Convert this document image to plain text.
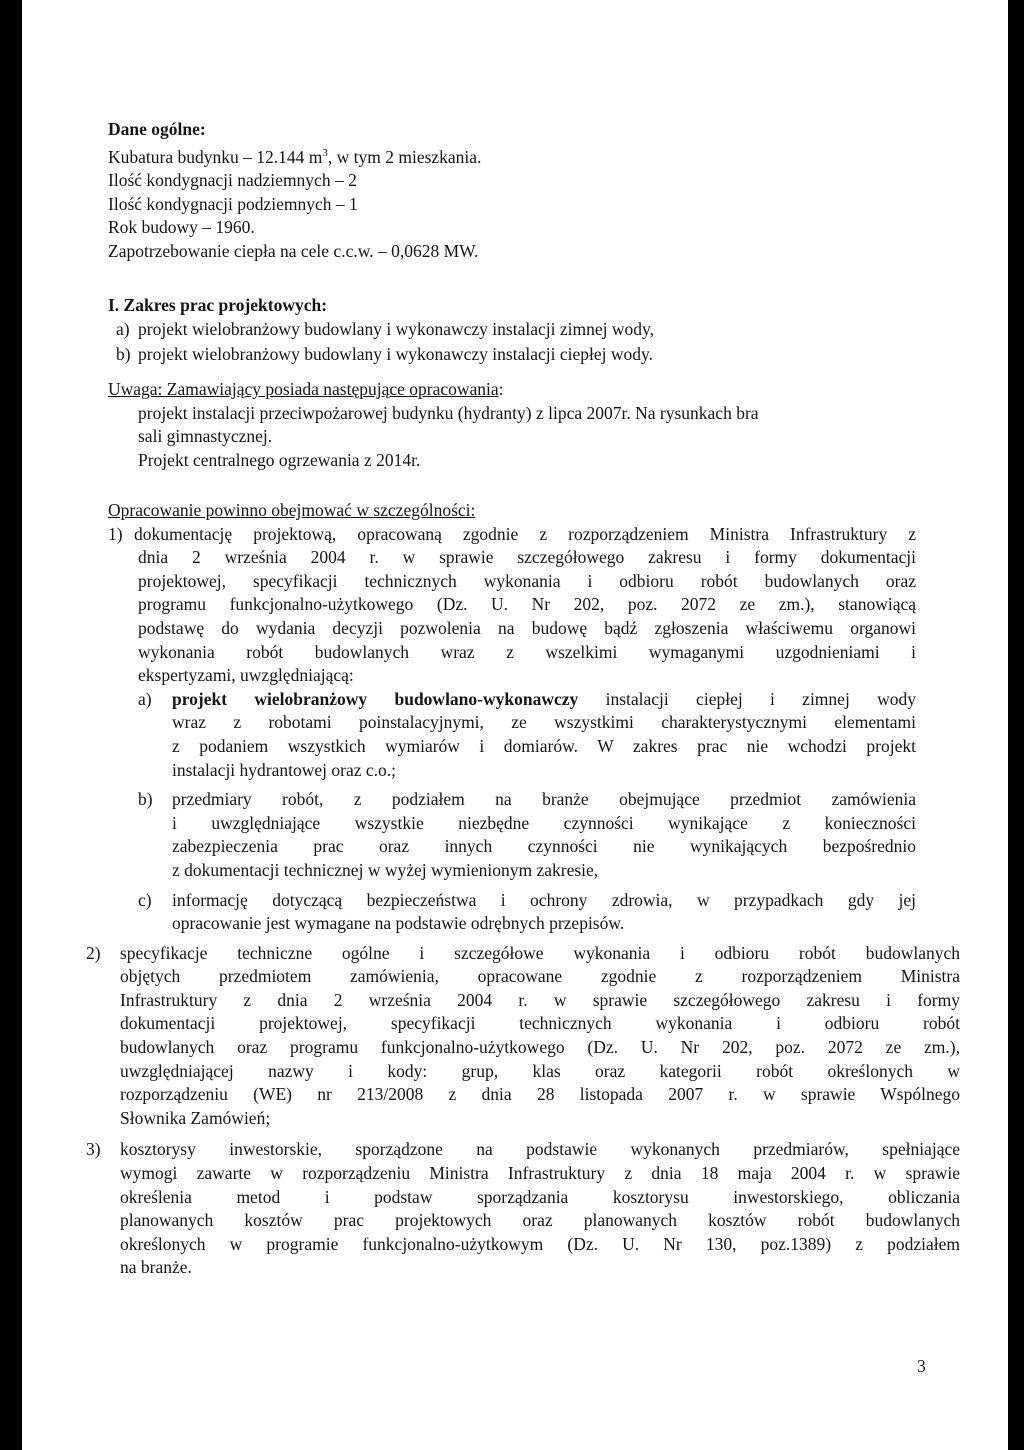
Dane ogólne:
Kubatura budynku – 12.144 $m^3$, w tym 2 mieszkania.
Ilość kondygnacji nadziemnych – 2
Ilość kondygnacji podziemnych – 1
Rok budowy – 1960.
Zapotrzebowanie ciepła na cele c.c.w. – 0,0628 MW.
I. Zakres prac projektowych:
a) projekt wielobranżowy budowlany i wykonawczy instalacji zimnej wody,
b) projekt wielobranżowy budowlany i wykonawczy instalacji ciepłej wody.
Uwaga: Zamawiający posiada następujące opracowania:
projekt instalacji przeciwpożarowej budynku (hydranty) z lipca 2007r. Na rysunkach bra
sali gimnastycznej.
Projekt centralnego ogrzewania z 2014r.
Opracowanie powinno obejmować w szczególności:
1) dokumentację projektową, opracowaną zgodnie z rozporządzeniem Ministra Infrastruktury z
dnia 2 września 2004 r. w sprawie szczegółowego zakresu i formy dokumentacji
projektowej, specyfikacji technicznych wykonania i odbioru robót budowlanych oraz
programu funkcjonalno-użytkowego (Dz. U. Nr 202, poz. 2072 ze zm.), stanowiącą
podstawę do wydania decyzji pozwolenia na budowę bądź zgłoszenia właściwemu organowi
wykonania robót budowlanych wraz z wszelkimi wymaganymi uzgodnieniami i
ekspertyzami, uwzględniającą:
a) projekt wielobranżowy budowlano-wykonawczy instalacji ciepłej i zimnej wody
wraz z robotami poinstalacyjnymi, ze wszystkimi charakterystycznymi elementami
z podaniem wszystkich wymiarów i domiarów. W zakres prac nie wchodzi projekt
instalacji hydrantowej oraz c.o.;
b) przedmiary robót, z podziałem na branże obejmujące przedmiot zamówienia
i uwzględniające wszystkie niezbędne czynności wynikające z konieczności
zabezpieczenia prac oraz innych czynności nie wynikających bezpośrednio
z dokumentacji technicznej w wyżej wymienionym zakresie,
c) informację dotyczącą bezpieczeństwa i ochrony zdrowia, w przypadkach gdy jej
opracowanie jest wymagane na podstawie odrębnych przepisów.
2) specyfikacje techniczne ogólne i szczegółowe wykonania i odbioru robót budowlanych
objętych przedmiotem zamówienia, opracowane zgodnie z rozporządzeniem Ministra
Infrastruktury z dnia 2 września 2004 r. w sprawie szczegółowego zakresu i formy
dokumentacji projektowej, specyfikacji technicznych wykonania i odbioru robót
budowlanych oraz programu funkcjonalno-użytkowego (Dz. U. Nr 202, poz. 2072 ze zm.),
uwzględniającej nazwy i kody: grup, klas oraz kategorii robót określonych w
rozporządzeniu (WE) nr 213/2008 z dnia 28 listopada 2007 r. w sprawie Wspólnego
Słownika Zamówień;
3) kosztorysy inwestorskie, sporządzone na podstawie wykonanych przedmiarów, spełniające
wymogi zawarte w rozporządzeniu Ministra Infrastruktury z dnia 18 maja 2004 r. w sprawie
określenia metod i podstaw sporządzania kosztorysu inwestorskiego, obliczania
planowanych kosztów prac projektowych oraz planowanych kosztów robót budowlanych
określonych w programie funkcjonalno-użytkowym (Dz. U. Nr 130, poz.1389) z podziałem
na branże.
3
